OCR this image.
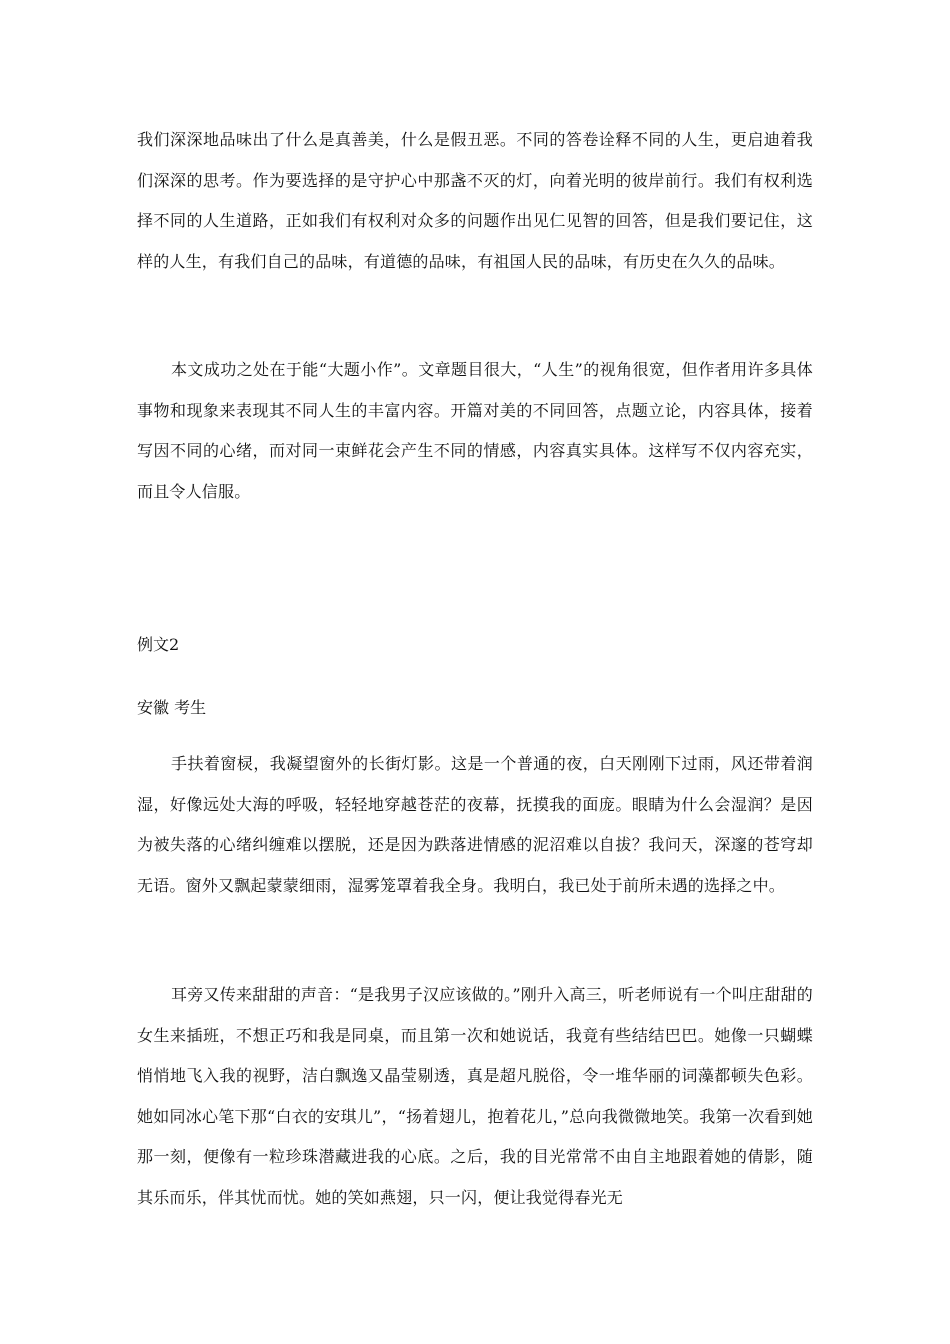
我们深深地品味出了什么是真善美，什么是假丑恶。不同的答卷诠释不同的人生，更启迪着我们深深的思考。作为要选择的是守护心中那盏不灭的灯，向着光明的彼岸前行。我们有权利选择不同的人生道路，正如我们有权利对众多的问题作出见仁见智的回答，但是我们要记住，这样的人生，有我们自己的品味，有道德的品味，有祖国人民的品味，有历史在久久的品味。

本文成功之处在于能“大题小作”。文章题目很大，“人生”的视角很宽，但作者用许多具体事物和现象来表现其不同人生的丰富内容。开篇对美的不同回答，点题立论，内容具体，接着写因不同的心绪，而对同一束鲜花会产生不同的情感，内容真实具体。这样写不仅内容充实，而且令人信服。

例文2

安徽 考生

手扶着窗棂，我凝望窗外的长街灯影。这是一个普通的夜，白天刚刚下过雨，风还带着润湿，好像远处大海的呼吸，轻轻地穿越苍茫的夜幕，抚摸我的面庞。眼睛为什么会湿润？是因为被失落的心绪纠缠难以摆脱，还是因为跌落进情感的泥沼难以自拔？我问天，深邃的苍穹却无语。窗外又飘起蒙蒙细雨，湿雾笼罩着我全身。我明白，我已处于前所未遇的选择之中。

耳旁又传来甜甜的声音：“是我男子汉应该做的。”刚升入高三，听老师说有一个叫庄甜甜的女生来插班，不想正巧和我是同桌，而且第一次和她说话，我竟有些结结巴巴。她像一只蝴蝶悄悄地飞入我的视野，洁白飘逸又晶莹剔透，真是超凡脱俗，令一堆华丽的词藻都顿失色彩。她如同冰心笔下那“白衣的安琪儿”，“扬着翅儿，抱着花儿，”总向我微微地笑。我第一次看到她那一刻，便像有一粒珍珠潜藏进我的心底。之后，我的目光常常不由自主地跟着她的倩影，随其乐而乐，伴其忧而忧。她的笑如燕翅，只一闪，便让我觉得春光无
